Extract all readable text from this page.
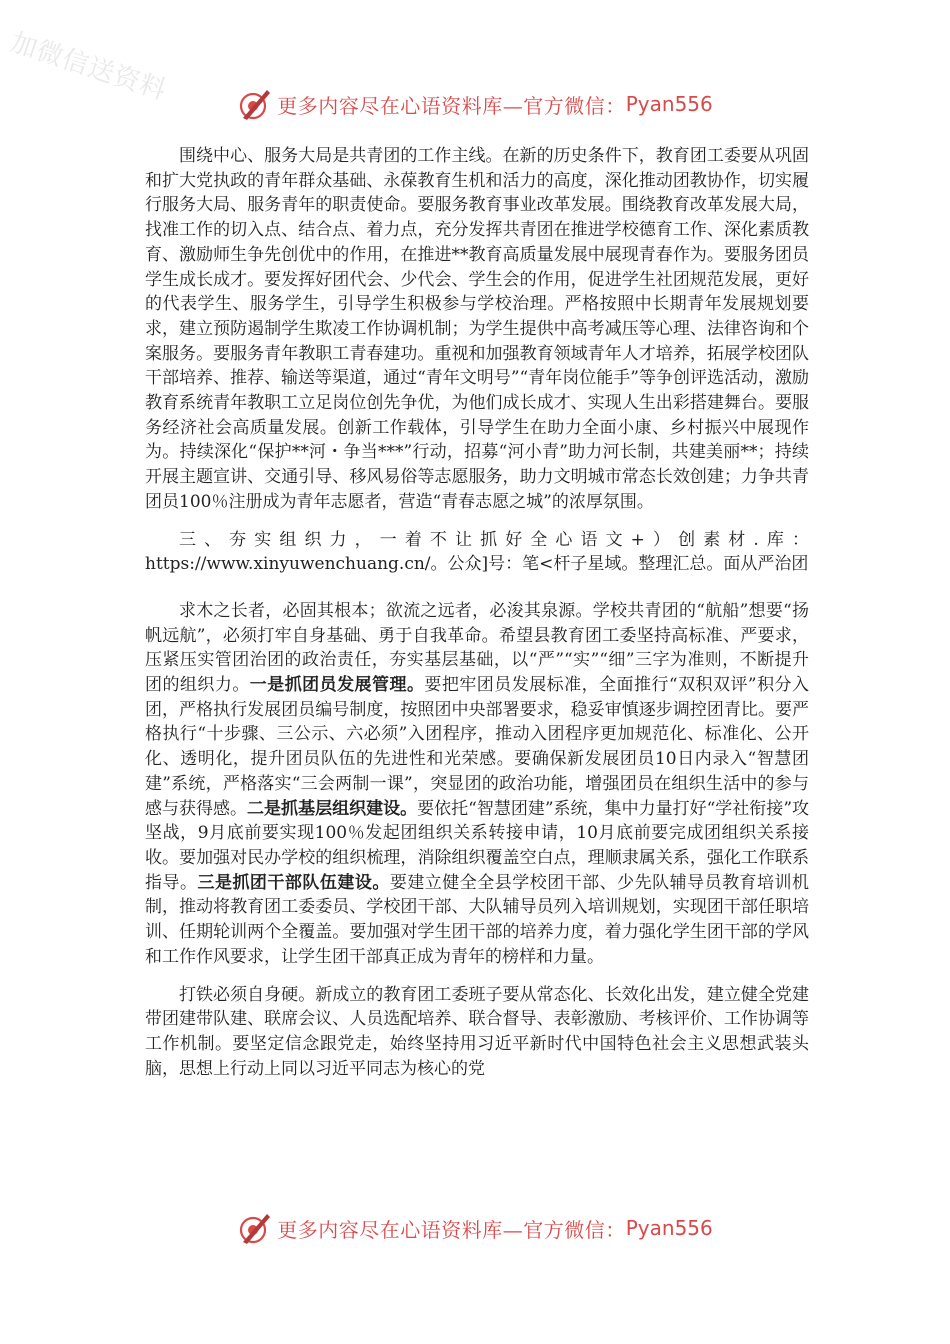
加微信送资料	更多内容尽在心语资料库—官方微信： Pyan556

围绕中心、服务大局是共青团的工作主线。在新的历史条件下，教育团工委要从巩固和扩大党执政的青年群众基础、永葆教育生机和活力的高度，深化推动团教协作，切实履行服务大局、服务青年的职责使命。要服务教育事业改革发展。围绕教育改革发展大局，找准工作的切入点、结合点、着力点，充分发挥共青团在推进学校德育工作、深化素质教育、激励师生争先创优中的作用，在推进**教育高质量发展中展现青春作为。要服务团员学生成长成才。要发挥好团代会、少代会、学生会的作用，促进学生社团规范发展，更好的代表学生、服务学生，引导学生积极参与学校治理。严格按照中长期青年发展规划要求，建立预防遏制学生欺凌工作协调机制；为学生提供中高考减压等心理、法律咨询和个案服务。要服务青年教职工青春建功。重视和加强教育领域青年人才培养，拓展学校团队干部培养、推荐、输送等渠道，通过“青年文明号”“青年岗位能手”等争创评选活动，激励教育系统青年教职工立足岗位创先争优，为他们成长成才、实现人生出彩搭建舞台。要服务经济社会高质量发展。创新工作载体，引导学生在助力全面小康、乡村振兴中展现作为。持续深化“保护**河・争当***”行动，招募“河小青”助力河长制，共建美丽**；持续开展主题宣讲、交通引导、移风易俗等志愿服务，助力文明城市常态长效创建；力争共青团员100％注册成为青年志愿者，营造“青春志愿之城”的浓厚氛围。

三、夯实组织力，一着不让抓好全心语文+）创素材.库：https://www.xinyuwenchuang.cn/。公众]号：笔<杆子星域。整理汇总。面从严治团

求木之长者，必固其根本；欲流之远者，必浚其泉源。学校共青团的“航船”想要“扬帆远航”，必须打牢自身基础、勇于自我革命。希望县教育团工委坚持高标准、严要求，压紧压实管团治团的政治责任，夯实基层基础，以“严”“实”“细”三字为准则，不断提升团的组织力。一是抓团员发展管理。要把牢团员发展标准，全面推行“双积双评”积分入团，严格执行发展团员编号制度，按照团中央部署要求，稳妥审慎逐步调控团青比。要严格执行“十步骤、三公示、六必须”入团程序，推动入团程序更加规范化、标准化、公开化、透明化，提升团员队伍的先进性和光荣感。要确保新发展团员10日内录入“智慧团建”系统，严格落实“三会两制一课”，突显团的政治功能，增强团员在组织生活中的参与感与获得感。二是抓基层组织建设。要依托“智慧团建”系统，集中力量打好“学社衔接”攻坚战，9月底前要实现100％发起团组织关系转接申请，10月底前要完成团组织关系接收。要加强对民办学校的组织梳理，消除组织覆盖空白点，理顺隶属关系，强化工作联系指导。三是抓团干部队伍建设。要建立健全全县学校团干部、少先队辅导员教育培训机制，推动将教育团工委委员、学校团干部、大队辅导员列入培训规划，实现团干部任职培训、任期轮训两个全覆盖。要加强对学生团干部的培养力度，着力强化学生团干部的学风和工作作风要求，让学生团干部真正成为青年的榜样和力量。

打铁必须自身硬。新成立的教育团工委班子要从常态化、长效化出发，建立健全党建带团建带队建、联席会议、人员选配培养、联合督导、表彰激励、考核评价、工作协调等工作机制。要坚定信念跟党走，始终坚持用习近平新时代中国特色社会主义思想武装头脑，思想上行动上同以习近平同志为核心的党

更多内容尽在心语资料库—官方微信： Pyan556
